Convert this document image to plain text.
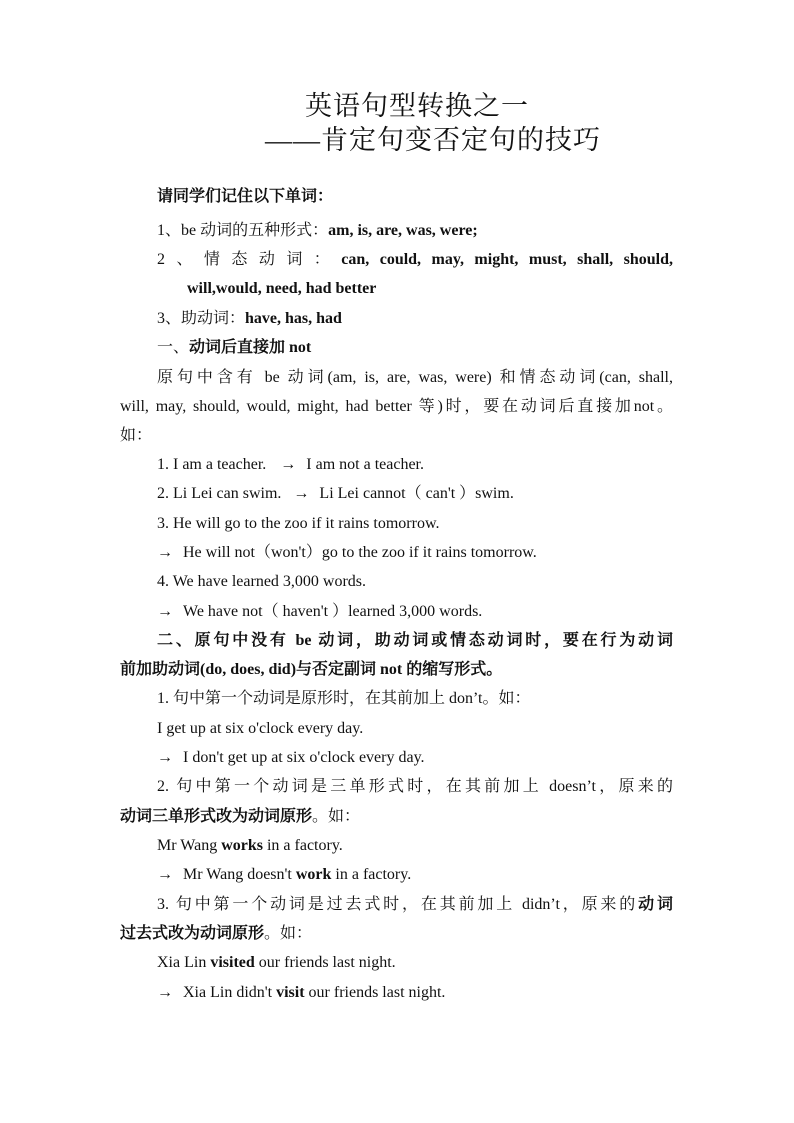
英语句型转换之一
——肯定句变否定句的技巧
请同学们记住以下单词：
1、be 动词的五种形式：am, is, are, was, were;
2、情态动词：can, could, may, might, must, shall, should,
will,would, need, had better
3、助动词：have, has, had
一、动词后直接加 not
原句中含有 be 动词(am, is, are, was, were) 和情态动词(can, shall,
will, may, should, would, might, had better 等)时，要在动词后直接加not。
如：
1. I am a teacher. → I am not a teacher.
2. Li Lei can swim. → Li Lei cannot（ can't ）swim.
3. He will go to the zoo if it rains tomorrow.
→ He will not（won't）go to the zoo if it rains tomorrow.
4. We have learned 3,000 words.
→ We have not（ haven't ）learned 3,000 words.
二、原句中没有 be 动词，助动词或情态动词时，要在行为动词
前加助动词(do, does, did)与否定副词 not 的缩写形式。
1. 句中第一个动词是原形时，在其前加上 don’t。如：
I get up at six o'clock every day.
→ I don't get up at six o'clock every day.
2. 句中第一个动词是三单形式时，在其前加上 doesn’t，原来的
动词三单形式改为动词原形。如：
Mr Wang works in a factory.
→ Mr Wang doesn't work in a factory.
3. 句中第一个动词是过去式时，在其前加上 didn’t，原来的动词
过去式改为动词原形。如：
Xia Lin visited our friends last night.
→ Xia Lin didn't visit our friends last night.
